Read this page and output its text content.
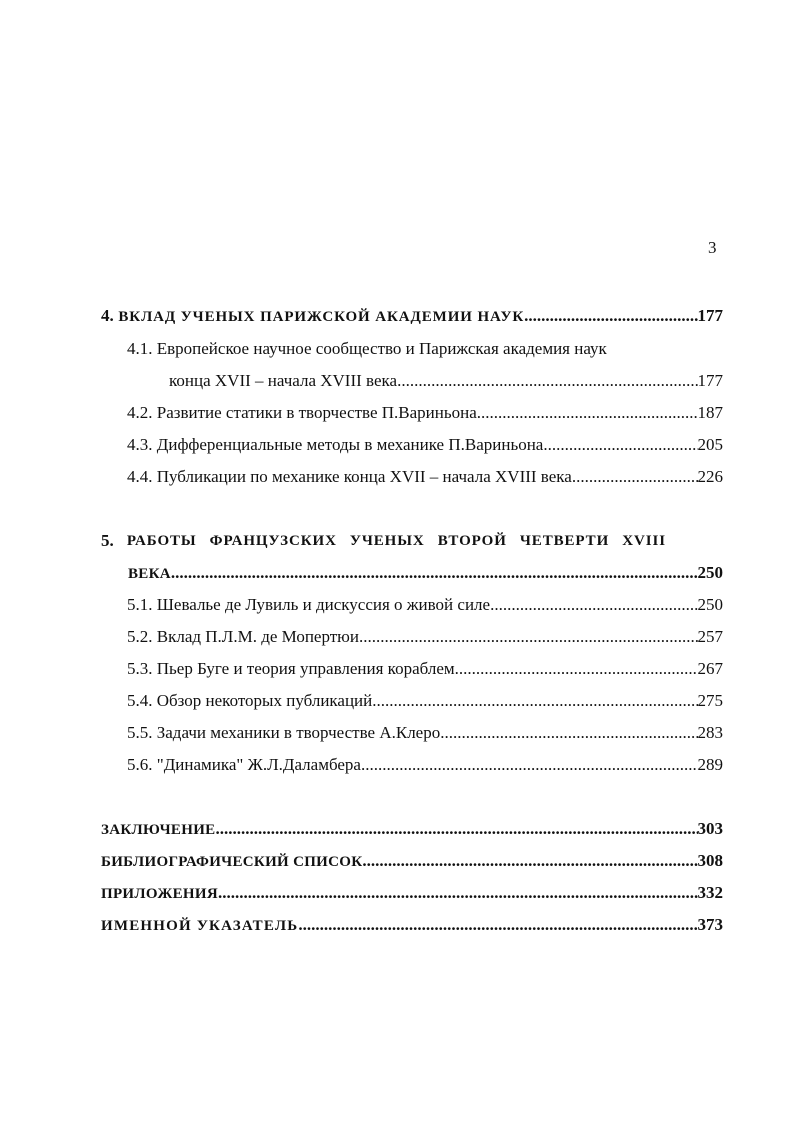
3
4. ВКЛАД УЧЕНЫХ ПАРИЖСКОЙ АКАДЕМИИ НАУК .....	177
4.1. Европейское научное сообщество и Парижская академия наук
конца XVII – начала XVIII века .....	177
4.2. Развитие статики в творчестве П.Вариньона .....	187
4.3. Дифференциальные методы в механике П.Вариньона .....	205
4.4. Публикации по механике конца XVII – начала XVIII века .....	226
5. РАБОТЫ ФРАНЦУЗСКИХ УЧЕНЫХ ВТОРОЙ ЧЕТВЕРТИ XVIII
ВЕКА .....	250
5.1. Шевалье де Лувиль и дискуссия о живой силе .....	250
5.2. Вклад П.Л.М. де Мопертюи .....	257
5.3. Пьер Буге и теория управления кораблем .....	267
5.4. Обзор некоторых публикаций .....	275
5.5. Задачи механики в творчестве А.Клеро .....	283
5.6. "Динамика" Ж.Л.Даламбера .....	289
ЗАКЛЮЧЕНИЕ .....	303
БИБЛИОГРАФИЧЕСКИЙ СПИСОК .....	308
ПРИЛОЖЕНИЯ .....	332
ИМЕННОЙ УКАЗАТЕЛЬ .....	373
